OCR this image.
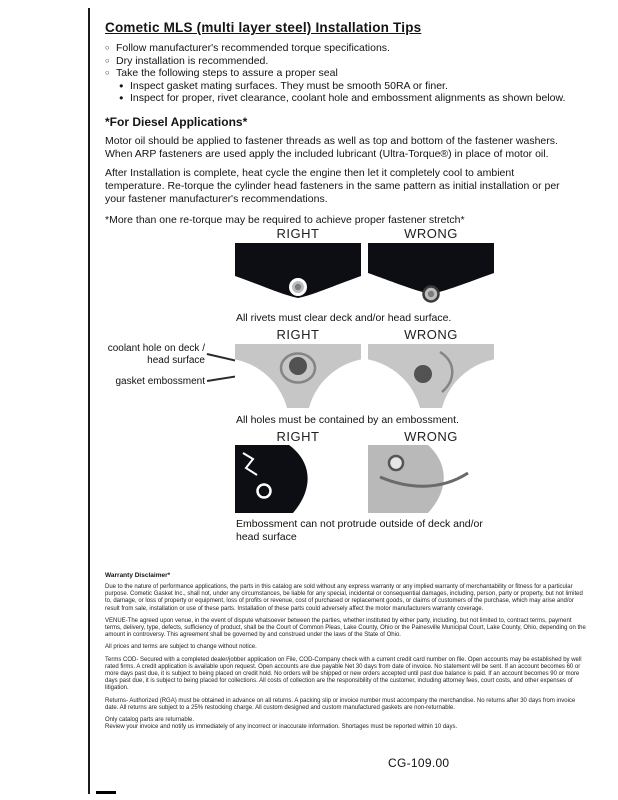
Cometic MLS (multi layer steel) Installation Tips
○ Follow manufacturer's recommended torque specifications.
○ Dry installation is recommended.
○ Take the following steps to assure a proper seal
● Inspect gasket mating surfaces. They must be smooth 50RA or finer.
● Inspect for proper, rivet clearance, coolant hole and embossment alignments as shown below.
*For Diesel Applications*

Motor oil should be applied to fastener threads as well as top and bottom of the fastener washers. When ARP fasteners are used apply the included lubricant (Ultra-Torque®) in place of motor oil.

After Installation is complete, heat cycle the engine then let it completely cool to ambient temperature. Re-torque the cylinder head fasteners in the same pattern as initial installation or per your fastener manufacturer's recommendations.

*More than one re-torque may be required to achieve proper fastener stretch*

RIGHT	WRONG
All rivets must clear deck and/or head surface.
RIGHT	WRONG
coolant hole on deck / head surface
gasket embossment
All holes must be contained by an embossment.
RIGHT	WRONG
Embossment can not protrude outside of deck and/or head surface
Warranty Disclaimer*

Due to the nature of performance applications, the parts in this catalog are sold without any express warranty or any implied warranty of merchantability or fitness for a particular purpose. Cometic Gasket Inc., shall not, under any circumstances, be liable for any special, incidental or consequential damages, including, person, party or property, but not limited to, damage, or loss of property or equipment, loss of profits or revenue, cost of purchased or replacement goods, or claims of customers of the purchase, which may arise and/or result from sale, installation or use of these parts. Installation of these parts could adversely affect the motor manufacturers warranty coverage.

VENUE-The agreed upon venue, in the event of dispute whatsoever between the parties, whether instituted by either party, including, but not limited to, contract terms, payment terms, delivery, type, defects, sufficiency of product, shall be the Court of Common Pleas, Lake County, Ohio or the Painesville Municipal Court, Lake County, Ohio, depending on the amount in controversy. This agreement shall be governed by and construed under the laws of the State of Ohio.

All prices and terms are subject to change without notice.

Terms COD- Secured with a completed dealer/jobber application on File, COD-Company check with a current credit card number on file. Open accounts may be established by well rated firms. A credit application is available upon request. Open accounts are due payable Net 30 days from date of invoice. No statement will be sent. If an account becomes 60 or more days past due, it is subject to being placed on credit hold. No orders will be shipped or new orders accepted until past due balance is paid. If an account becomes 90 or more days past due, it is subject to being placed for collections. All costs of collection are the responsibility of the customer, including attorney fees, court costs, and other expenses of litigation.

Returns- Authorized (RGA) must be obtained in advance on all returns. A packing slip or invoice number must accompany the merchandise. No returns after 30 days from invoice date. All returns are subject to a 25% restocking charge. All custom designed and custom manufactured gaskets are non-returnable.

Only catalog parts are returnable.

Review your invoice and notify us immediately of any incorrect or inaccurate information. Shortages must be reported within 10 days.

CG-109.00
